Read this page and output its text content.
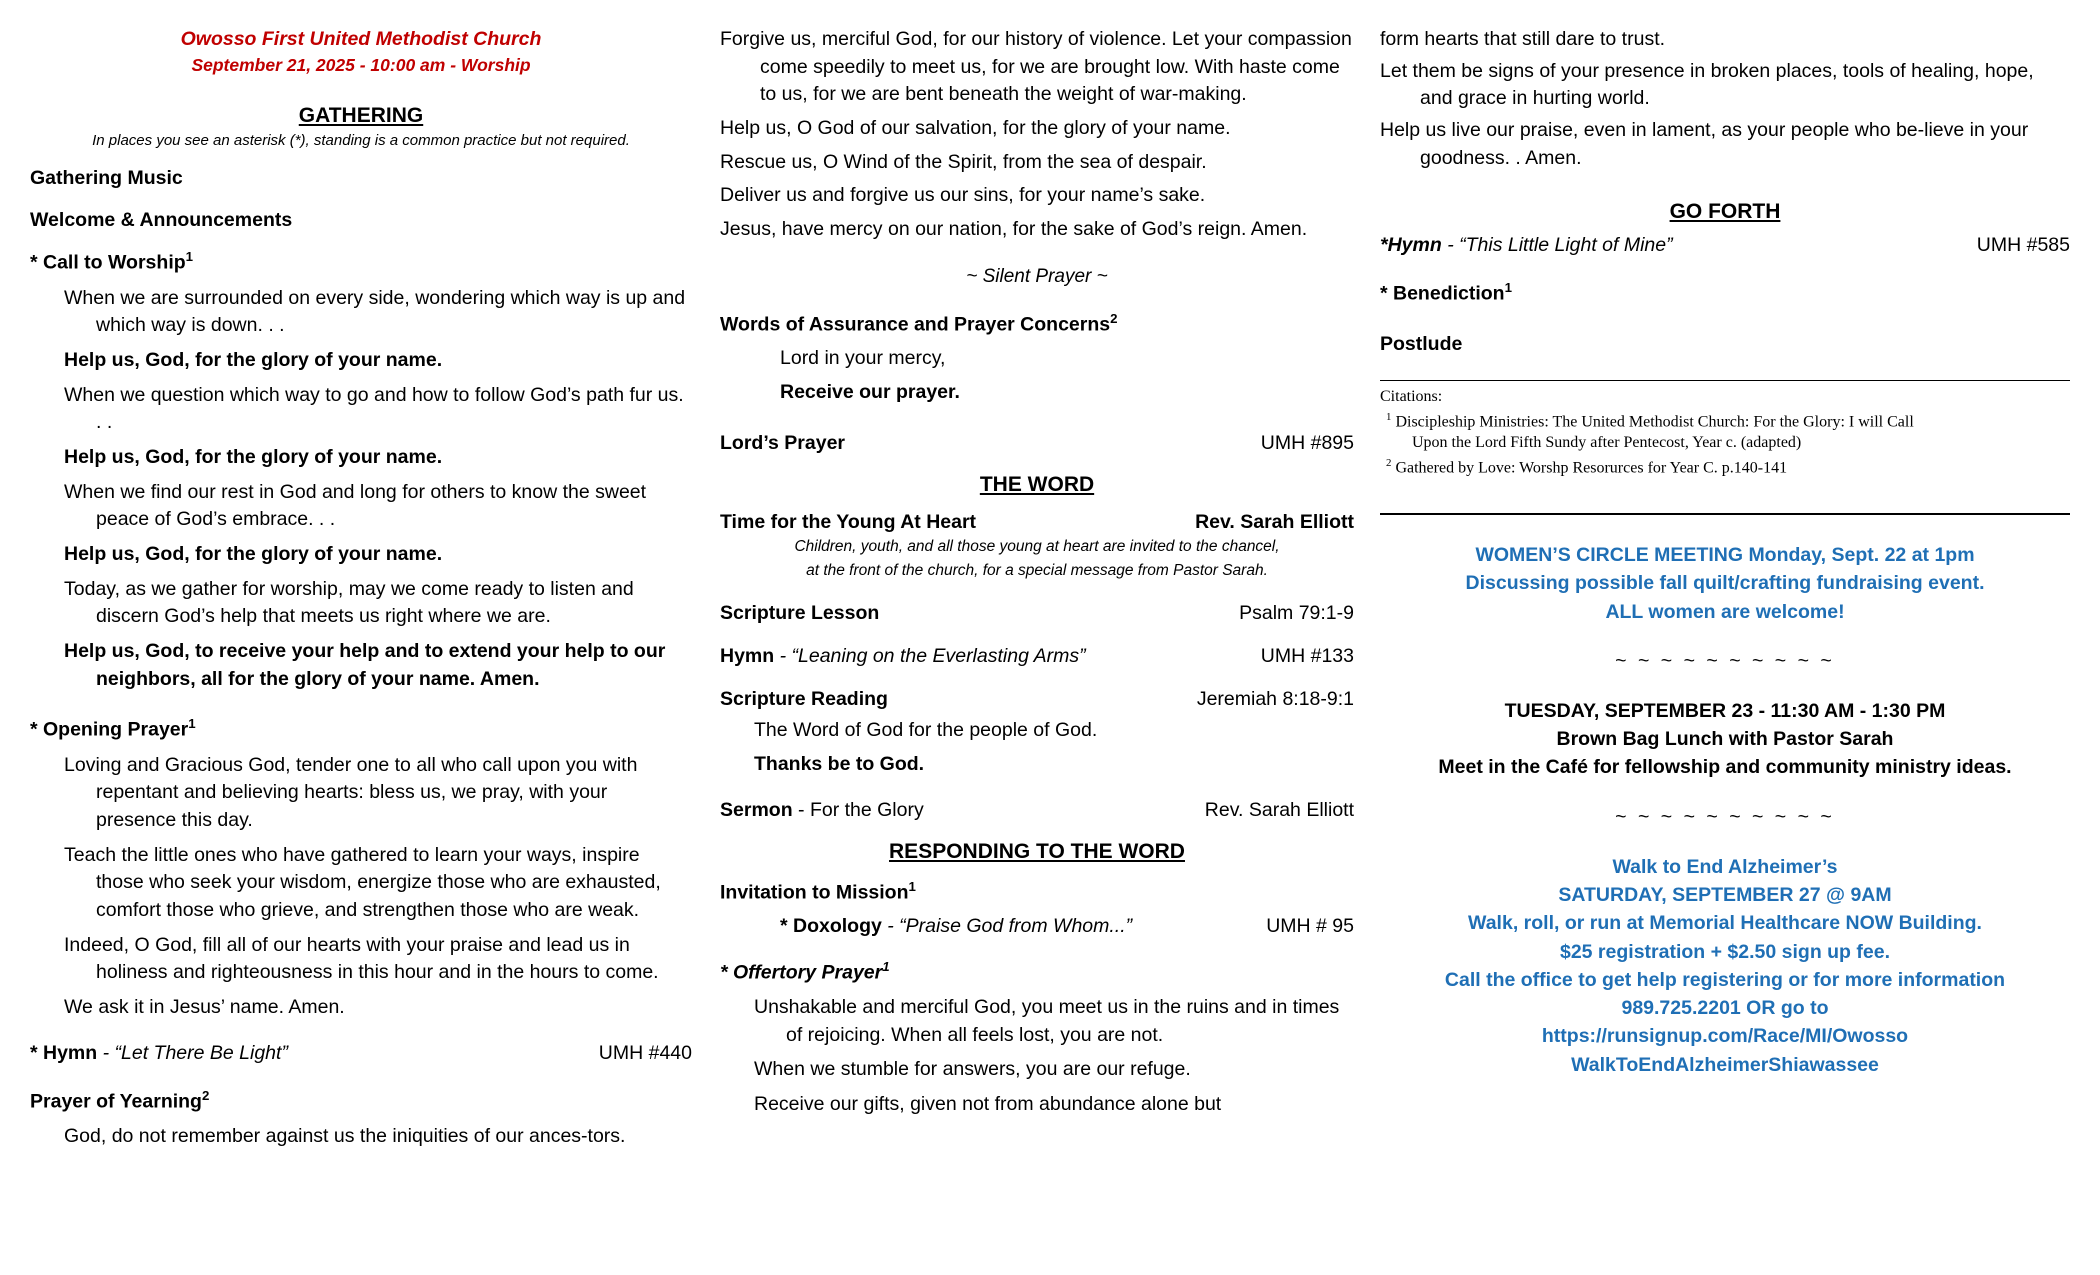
Owosso First United Methodist Church
September 21, 2025 - 10:00 am - Worship
GATHERING
In places you see an asterisk (*), standing is a common practice but not required.
Gathering Music
Welcome & Announcements
* Call to Worship$^1$
When we are surrounded on every side, wondering which way is up and which way is down. . .
Help us, God, for the glory of your name.
When we question which way to go and how to follow God’s path fur us. . .
Help us, God, for the glory of your name.
When we find our rest in God and long for others to know the sweet peace of God’s embrace. . .
Help us, God, for the glory of your name.
Today, as we gather for worship, may we come ready to listen and discern God’s help that meets us right where we are.
Help us, God, to receive your help and to extend your help to our neighbors, all for the glory of your name. Amen.
* Opening Prayer$^1$
Loving and Gracious God, tender one to all who call upon you with repentant and believing hearts: bless us, we pray, with your presence this day.
Teach the little ones who have gathered to learn your ways, inspire those who seek your wisdom, energize those who are exhausted, comfort those who grieve, and strengthen those who are weak.
Indeed, O God, fill all of our hearts with your praise and lead us in holiness and righteousness in this hour and in the hours to come.
We ask it in Jesus’ name. Amen.
* Hymn - “Let There Be Light”	UMH #440
Prayer of Yearning$^2$
God, do not remember against us the iniquities of our ances-tors.
Forgive us, merciful God, for our history of violence. Let your compassion come speedily to meet us, for we are brought low. With haste come to us, for we are bent beneath the weight of war-making.
Help us, O God of our salvation, for the glory of your name.
Rescue us, O Wind of the Spirit, from the sea of despair.
Deliver us and forgive us our sins, for your name’s sake.
Jesus, have mercy on our nation, for the sake of God’s reign. Amen.
~ Silent Prayer ~
Words of Assurance and Prayer Concerns$^2$
Lord in your mercy,
Receive our prayer.
Lord’s Prayer	UMH #895
THE WORD
Time for the Young At Heart	Rev. Sarah Elliott
Children, youth, and all those young at heart are invited to the chancel,
at the front of the church, for a special message from Pastor Sarah.
Scripture Lesson	Psalm 79:1-9
Hymn - “Leaning on the Everlasting Arms”	UMH #133
Scripture Reading	Jeremiah 8:18-9:1
The Word of God for the people of God.
Thanks be to God.
Sermon - For the Glory	Rev. Sarah Elliott
RESPONDING TO THE WORD
Invitation to Mission$^1$
* Doxology - “Praise God from Whom...”	UMH # 95
* Offertory Prayer$^1$
Unshakable and merciful God, you meet us in the ruins and in times of rejoicing. When all feels lost, you are not.
When we stumble for answers, you are our refuge.
Receive our gifts, given not from abundance alone but
form hearts that still dare to trust.
Let them be signs of your presence in broken places, tools of healing, hope, and grace in hurting world.
Help us live our praise, even in lament, as your people who be-lieve in your goodness. . Amen.
GO FORTH
*Hymn - “This Little Light of Mine”	UMH #585
* Benediction$^1$
Postlude
Citations:
$^1$ Discipleship Ministries: The United Methodist Church: For the Glory: I will Call
Upon the Lord Fifth Sundy after Pentecost, Year c. (adapted)
$^2$ Gathered by Love: Worshp Resorurces for Year C. p.140-141
WOMEN’S CIRCLE MEETING Monday, Sept. 22 at 1pm
Discussing possible fall quilt/crafting fundraising event.
ALL women are welcome!
~ ~ ~ ~ ~ ~ ~ ~ ~ ~
TUESDAY, SEPTEMBER 23 - 11:30 AM - 1:30 PM
Brown Bag Lunch with Pastor Sarah
Meet in the Café for fellowship and community ministry ideas.
~ ~ ~ ~ ~ ~ ~ ~ ~ ~
Walk to End Alzheimer’s
SATURDAY, SEPTEMBER 27 @ 9AM
Walk, roll, or run at Memorial Healthcare NOW Building.
$25 registration + $2.50 sign up fee.
Call the office to get help registering or for more information
989.725.2201 OR go to
https://runsignup.com/Race/MI/Owosso
WalkToEndAlzheimerShiawassee
